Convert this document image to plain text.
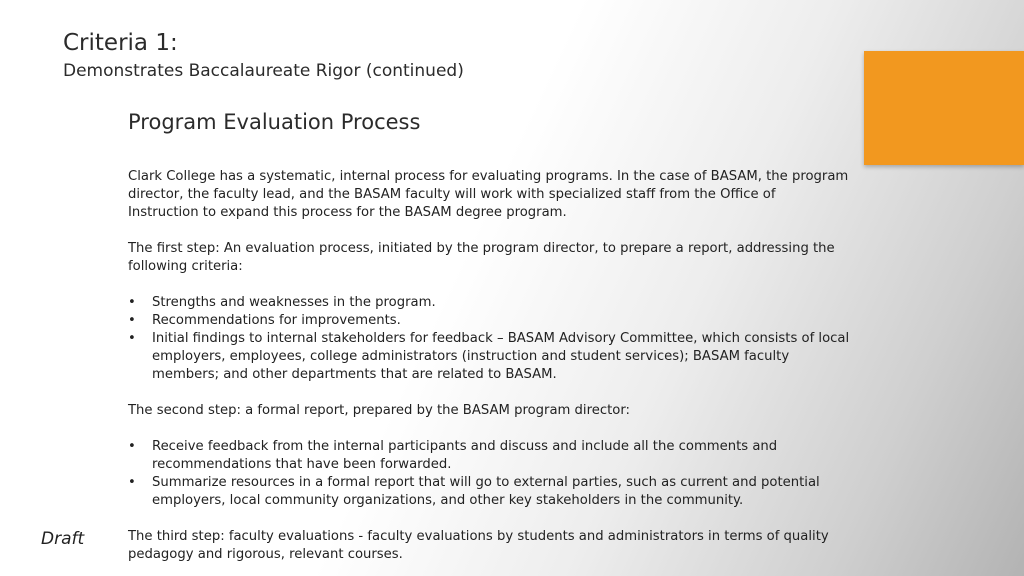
Criteria 1:
Demonstrates Baccalaureate Rigor (continued)
Program Evaluation Process

Clark College has a systematic, internal process for evaluating programs. In the case of BASAM, the program director, the faculty lead, and the BASAM faculty will work with specialized staff from the Office of Instruction to expand this process for the BASAM degree program.

The first step: An evaluation process, initiated by the program director, to prepare a report, addressing the following criteria:

• Strengths and weaknesses in the program.
• Recommendations for improvements.
• Initial findings to internal stakeholders for feedback – BASAM Advisory Committee, which consists of local employers, employees, college administrators (instruction and student services); BASAM faculty members; and other departments that are related to BASAM.

The second step: a formal report, prepared by the BASAM program director:

• Receive feedback from the internal participants and discuss and include all the comments and recommendations that have been forwarded.
• Summarize resources in a formal report that will go to external parties, such as current and potential employers, local community organizations, and other key stakeholders in the community.

The third step: faculty evaluations - faculty evaluations by students and administrators in terms of quality pedagogy and rigorous, relevant courses.

Draft
